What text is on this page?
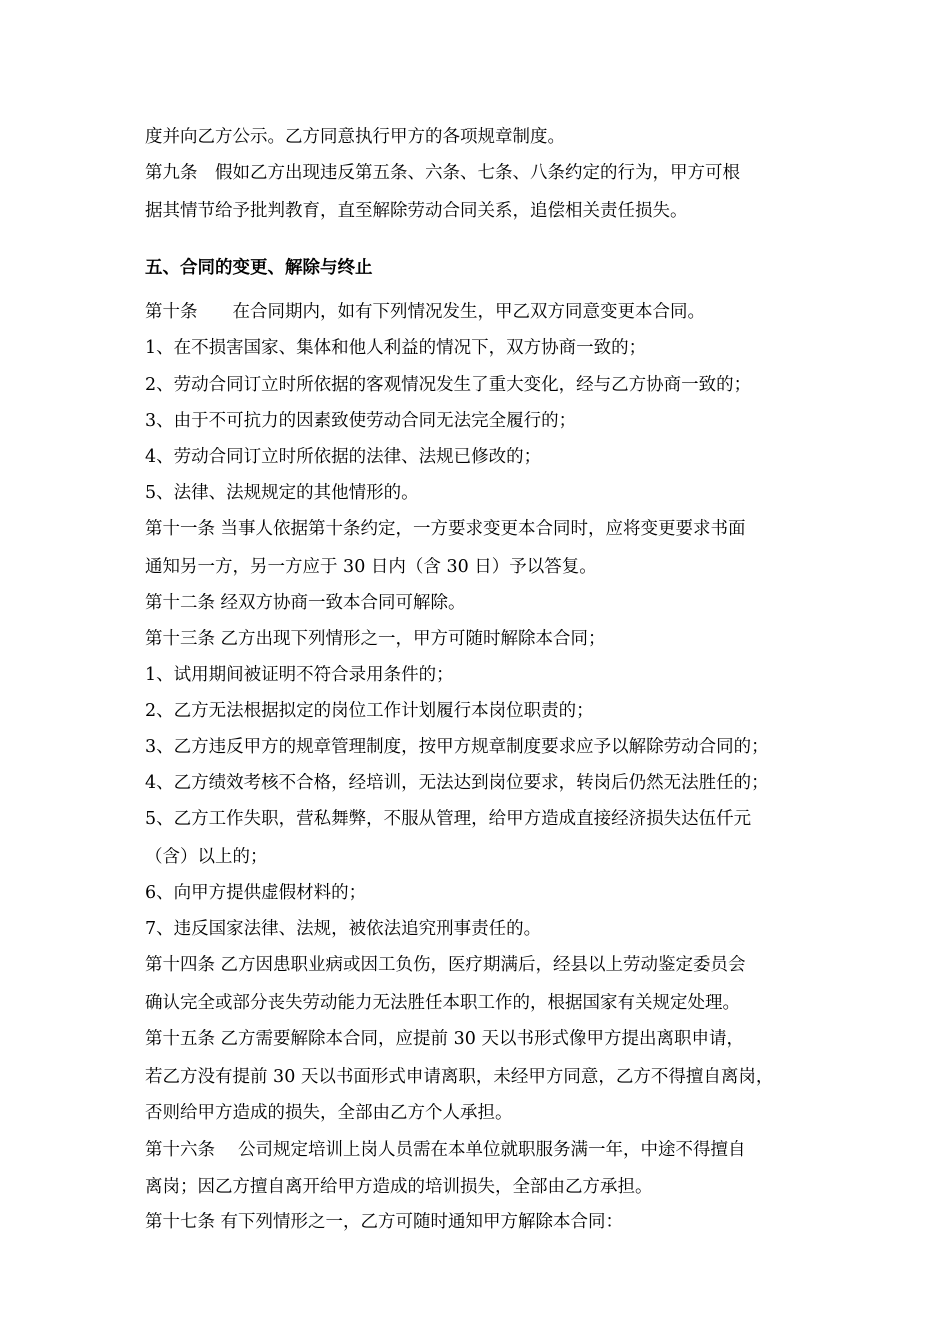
度并向乙方公示。乙方同意执行甲方的各项规章制度。

第九条　假如乙方出现违反第五条、六条、七条、八条约定的行为，甲方可根

据其情节给予批判教育，直至解除劳动合同关系，追偿相关责任损失。

五、合同的变更、解除与终止

第十条　　在合同期内，如有下列情况发生，甲乙双方同意变更本合同。

1、在不损害国家、集体和他人利益的情况下，双方协商一致的；

2、劳动合同订立时所依据的客观情况发生了重大变化，经与乙方协商一致的；

3、由于不可抗力的因素致使劳动合同无法完全履行的；

4、劳动合同订立时所依据的法律、法规已修改的；

5、法律、法规规定的其他情形的。

第十一条 当事人依据第十条约定，一方要求变更本合同时，应将变更要求书面

通知另一方，另一方应于 30 日内（含 30 日）予以答复。

第十二条 经双方协商一致本合同可解除。

第十三条 乙方出现下列情形之一，甲方可随时解除本合同；

1、试用期间被证明不符合录用条件的；

2、乙方无法根据拟定的岗位工作计划履行本岗位职责的；

3、乙方违反甲方的规章管理制度，按甲方规章制度要求应予以解除劳动合同的；

4、乙方绩效考核不合格，经培训，无法达到岗位要求，转岗后仍然无法胜任的；

5、乙方工作失职，营私舞弊，不服从管理，给甲方造成直接经济损失达伍仟元

（含）以上的；

6、向甲方提供虚假材料的；

7、违反国家法律、法规，被依法追究刑事责任的。

第十四条 乙方因患职业病或因工负伤，医疗期满后，经县以上劳动鉴定委员会

确认完全或部分丧失劳动能力无法胜任本职工作的，根据国家有关规定处理。

第十五条 乙方需要解除本合同，应提前 30 天以书形式像甲方提出离职申请，

若乙方没有提前 30 天以书面形式申请离职，未经甲方同意，乙方不得擅自离岗，

否则给甲方造成的损失，全部由乙方个人承担。

第十六条　 公司规定培训上岗人员需在本单位就职服务满一年，中途不得擅自

离岗；因乙方擅自离开给甲方造成的培训损失，全部由乙方承担。

第十七条 有下列情形之一，乙方可随时通知甲方解除本合同：
